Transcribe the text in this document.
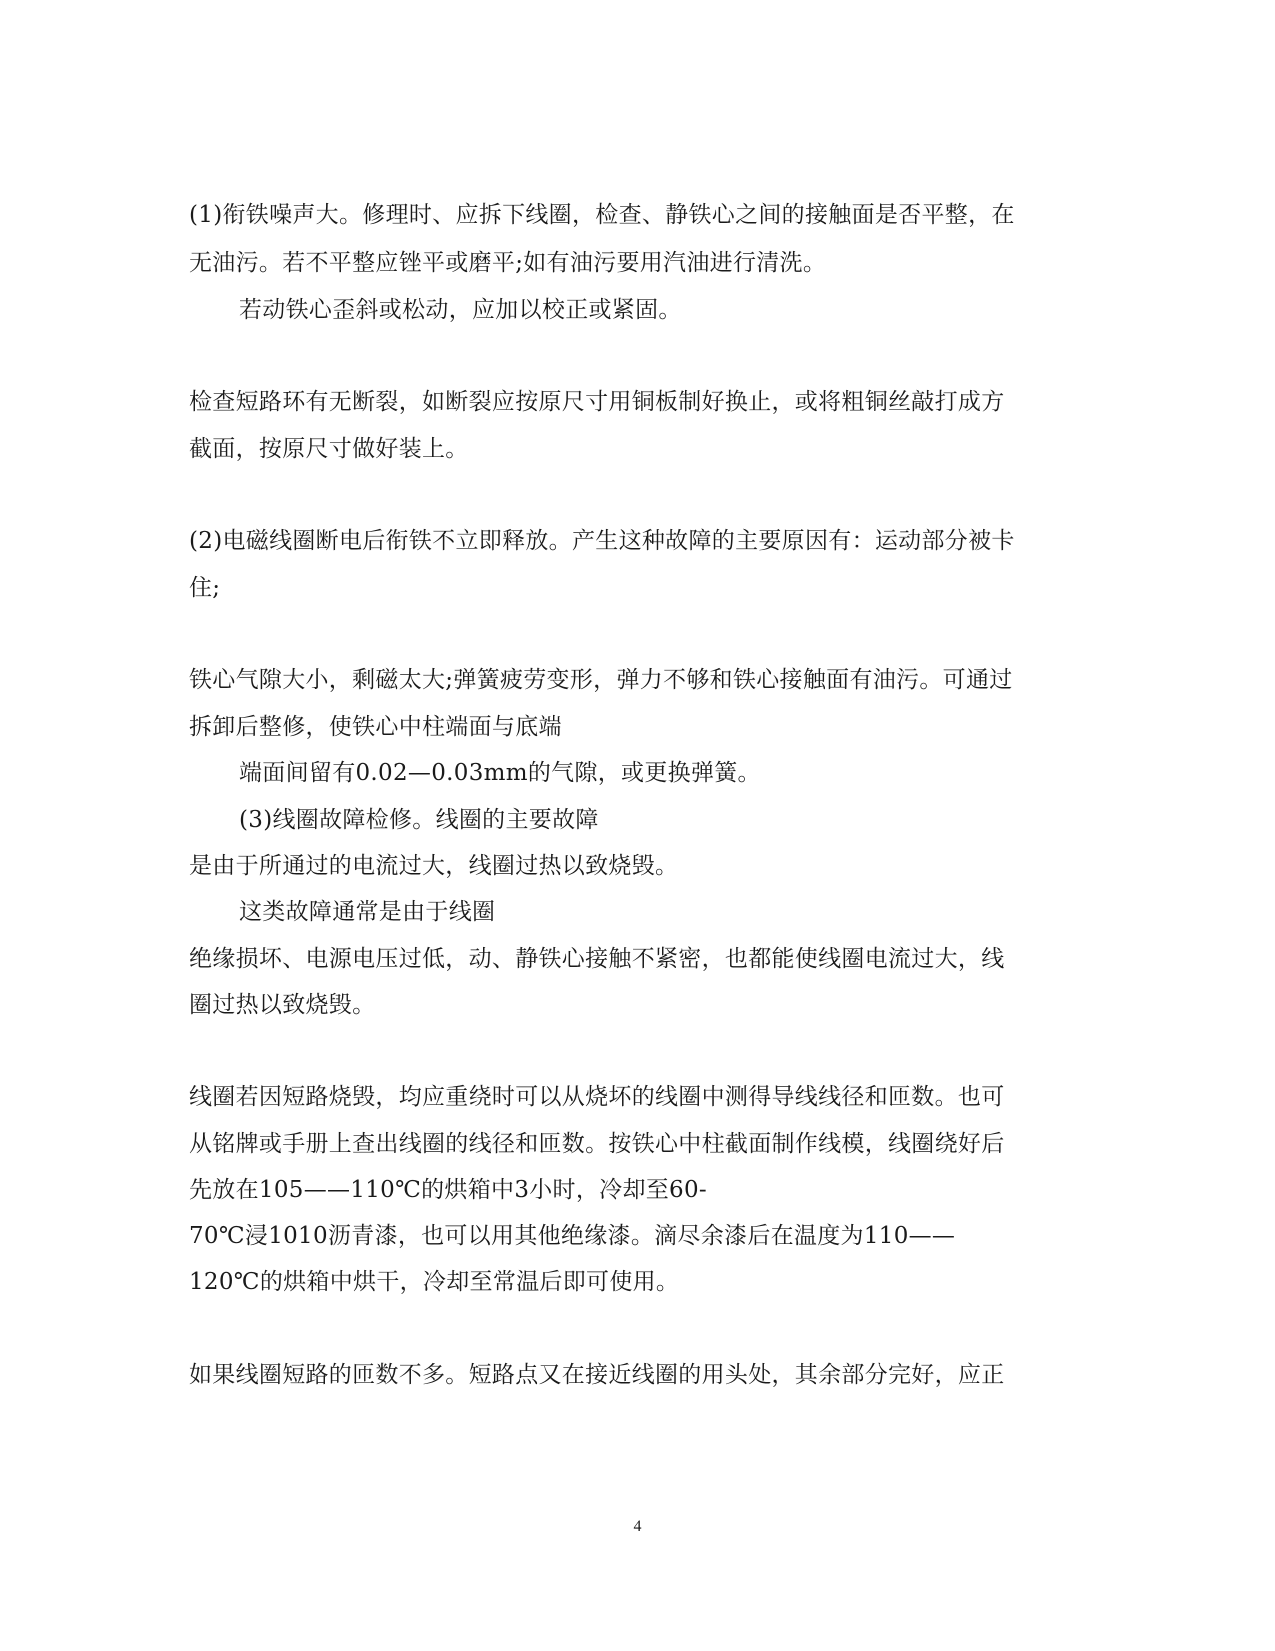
(1)衔铁噪声大。修理时、应拆下线圈，检查、静铁心之间的接触面是否平整，在
无油污。若不平整应锉平或磨平;如有油污要用汽油进行清洗。
若动铁心歪斜或松动，应加以校正或紧固。
检查短路环有无断裂，如断裂应按原尺寸用铜板制好换止，或将粗铜丝敲打成方
截面，按原尺寸做好装上。
(2)电磁线圈断电后衔铁不立即释放。产生这种故障的主要原因有：运动部分被卡
住;
铁心气隙大小，剩磁太大;弹簧疲劳变形，弹力不够和铁心接触面有油污。可通过
拆卸后整修，使铁心中柱端面与底端
端面间留有0.02—0.03mm的气隙，或更换弹簧。
(3)线圈故障检修。线圈的主要故障
是由于所通过的电流过大，线圈过热以致烧毁。
这类故障通常是由于线圈
绝缘损坏、电源电压过低，动、静铁心接触不紧密，也都能使线圈电流过大，线
圈过热以致烧毁。
线圈若因短路烧毁，均应重绕时可以从烧坏的线圈中测得导线线径和匝数。也可
从铭牌或手册上查出线圈的线径和匝数。按铁心中柱截面制作线模，线圈绕好后
先放在105——110℃的烘箱中3小时，冷却至60-
70℃浸1010沥青漆，也可以用其他绝缘漆。滴尽余漆后在温度为110——
120℃的烘箱中烘干，冷却至常温后即可使用。
如果线圈短路的匝数不多。短路点又在接近线圈的用头处，其余部分完好，应正
4
